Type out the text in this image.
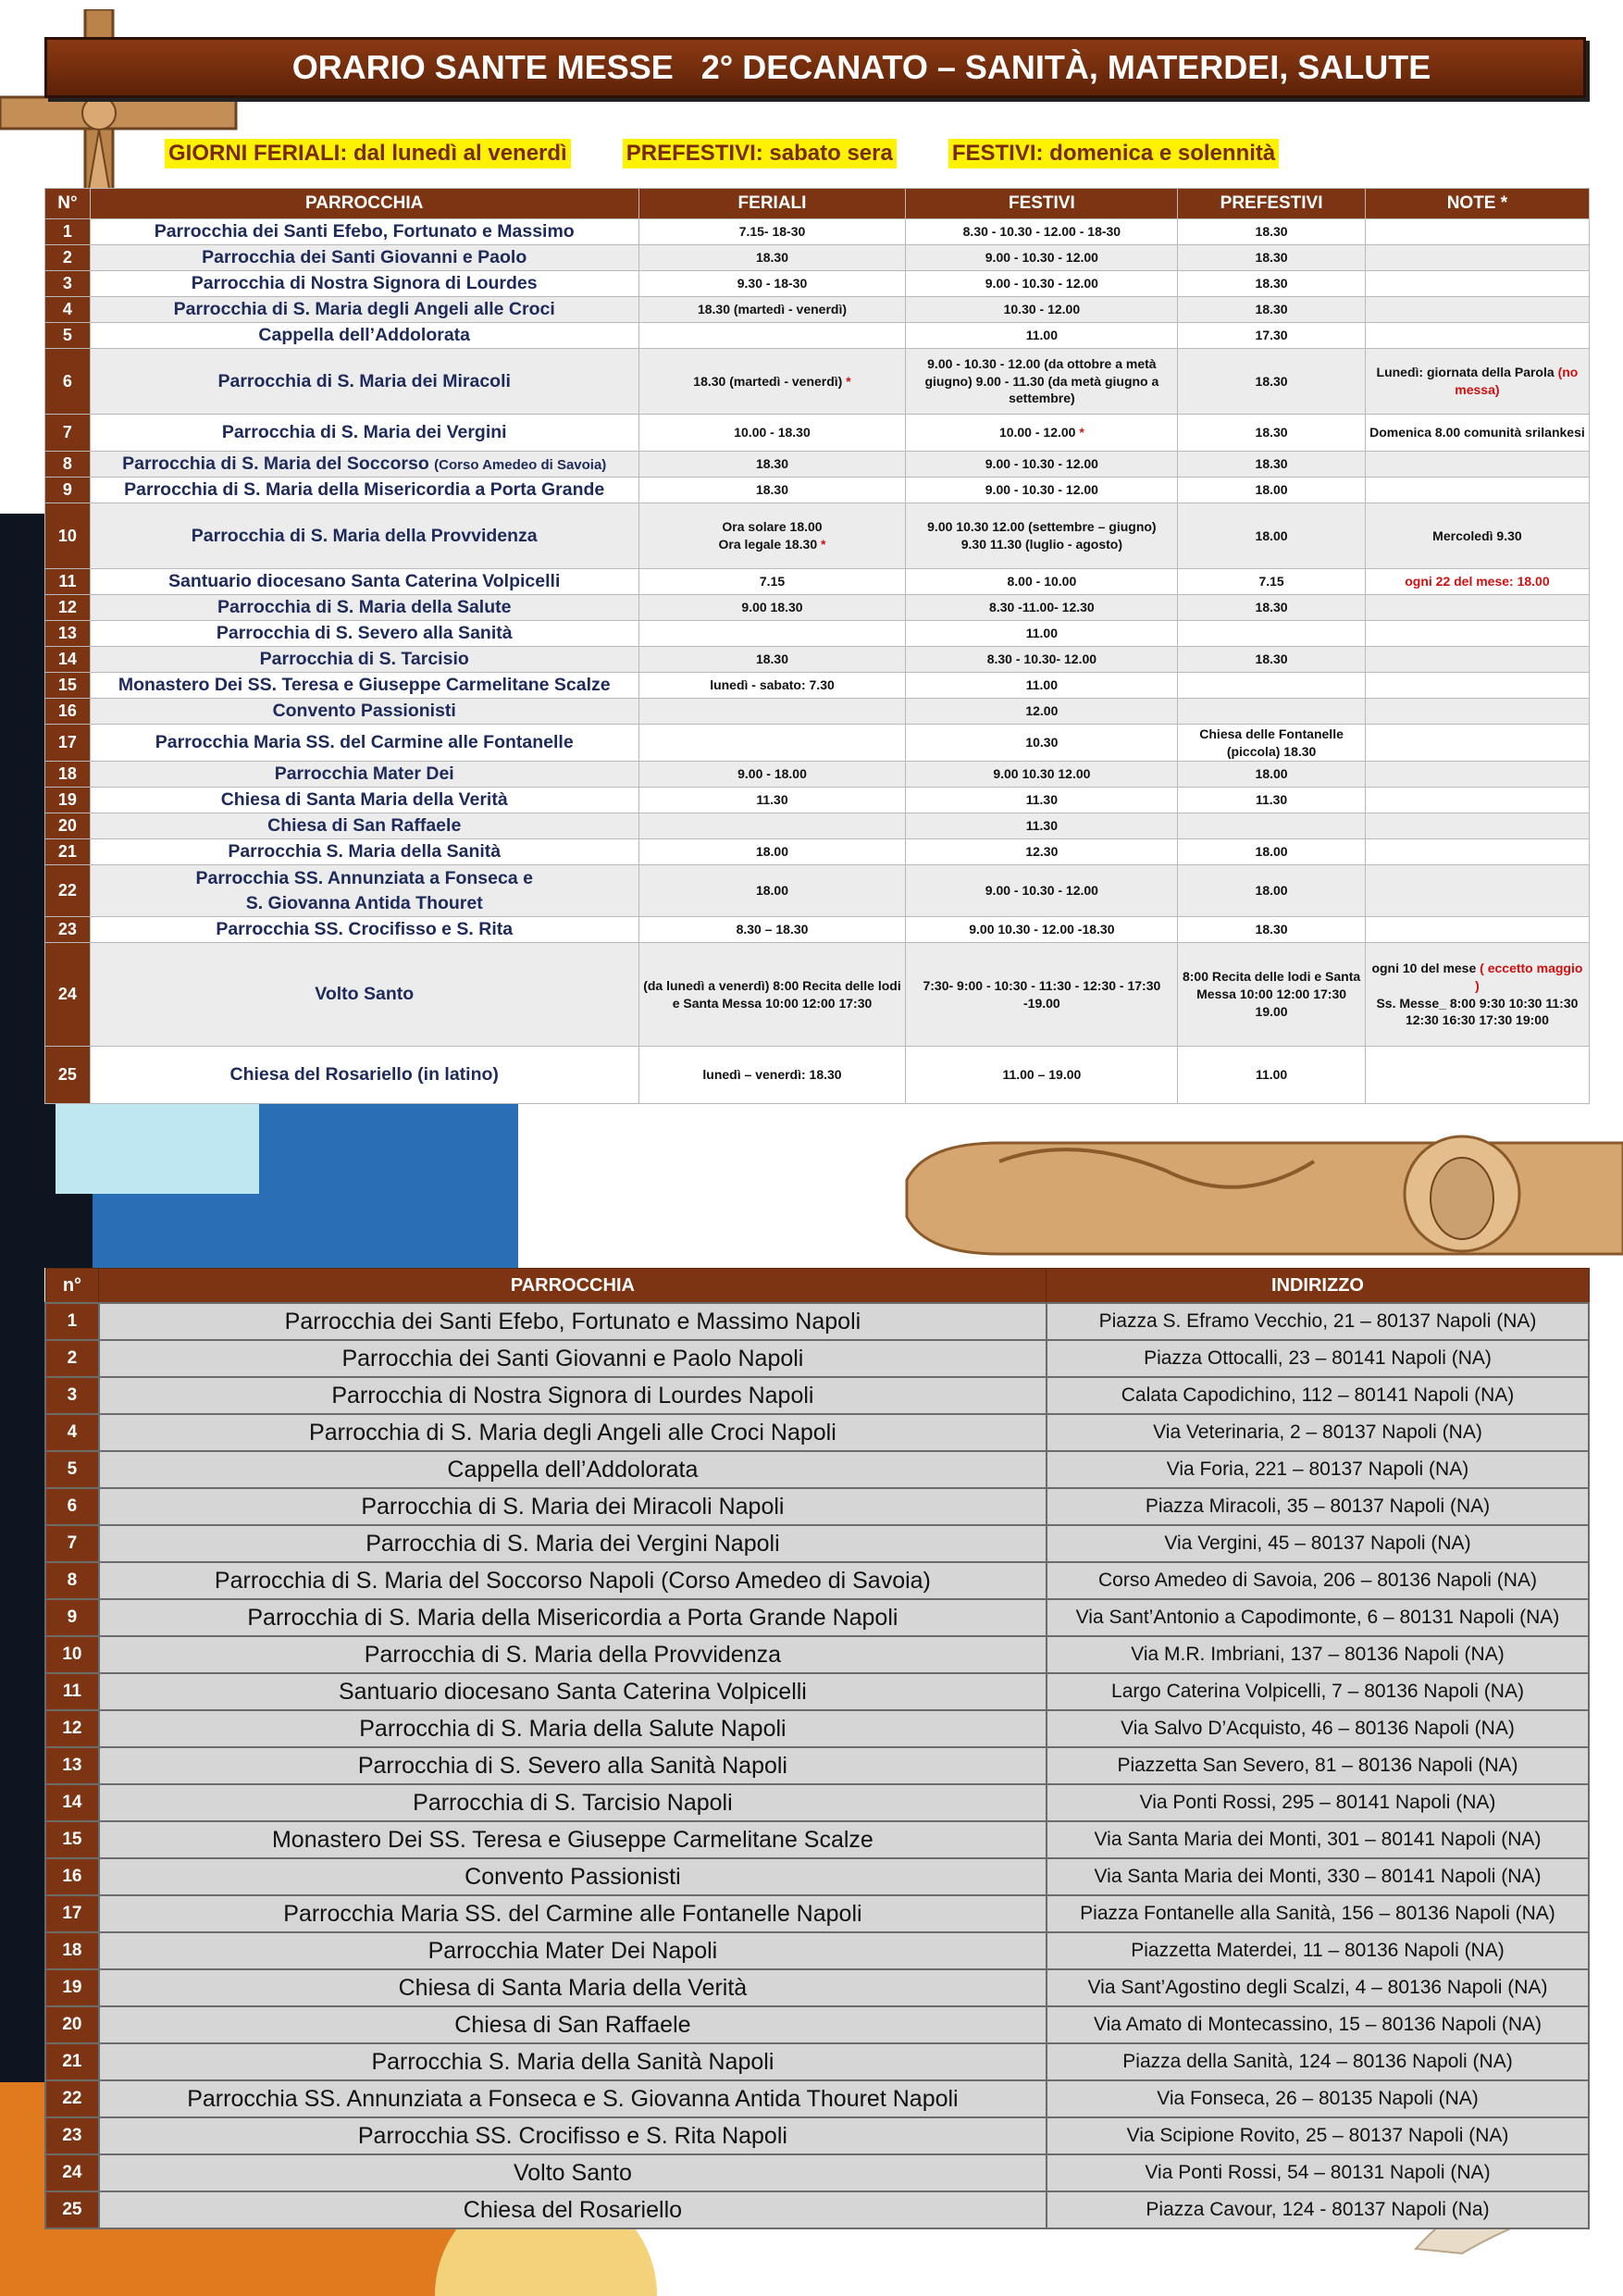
ORARIO SANTE MESSE   2° DECANATO – SANITÀ, MATERDEI, SALUTE
GIORNI FERIALI: dal lunedì al venerdì	PREFESTIVI: sabato sera	FESTIVI: domenica e solennità
N°	PARROCCHIA	FERIALI	FESTIVI	PREFESTIVI	NOTE *
1	Parrocchia dei Santi Efebo, Fortunato e Massimo	7.15- 18-30	8.30 - 10.30 - 12.00 - 18-30	18.30	
2	Parrocchia dei Santi Giovanni e Paolo	18.30	9.00 - 10.30 - 12.00	18.30	
3	Parrocchia di Nostra Signora di Lourdes	9.30 - 18-30	9.00 - 10.30 - 12.00	18.30	
4	Parrocchia di S. Maria degli Angeli alle Croci	18.30 (martedì - venerdì)	10.30 - 12.00	18.30	
5	Cappella dell’Addolorata		11.00	17.30	
6	Parrocchia di S. Maria dei Miracoli	18.30 (martedì - venerdì) *	9.00 - 10.30 - 12.00 (da ottobre a metà giugno) 9.00 - 11.30 (da metà giugno a settembre)	18.30	Lunedì: giornata della Parola (no messa)
7	Parrocchia di S. Maria dei Vergini	10.00 - 18.30	10.00 - 12.00 *	18.30	Domenica 8.00 comunità srilankesi
8	Parrocchia di S. Maria del Soccorso (Corso Amedeo di Savoia)	18.30	9.00 - 10.30 - 12.00	18.30	
9	Parrocchia di S. Maria della Misericordia a Porta Grande	18.30	9.00 - 10.30 - 12.00	18.00	
10	Parrocchia di S. Maria della Provvidenza	Ora solare 18.00
Ora legale 18.30 *	9.00 10.30 12.00 (settembre – giugno)
9.30 11.30 (luglio - agosto)	18.00	Mercoledì 9.30
11	Santuario diocesano Santa Caterina Volpicelli	7.15	8.00 - 10.00	7.15	ogni 22 del mese: 18.00
12	Parrocchia di S. Maria della Salute	9.00 18.30	8.30 -11.00- 12.30	18.30	
13	Parrocchia di S. Severo alla Sanità		11.00		
14	Parrocchia di S. Tarcisio	18.30	8.30 - 10.30- 12.00	18.30	
15	Monastero Dei SS. Teresa e Giuseppe Carmelitane Scalze	lunedì - sabato: 7.30	11.00		
16	Convento Passionisti		12.00		
17	Parrocchia Maria SS. del Carmine alle Fontanelle		10.30	Chiesa delle Fontanelle (piccola) 18.30	
18	Parrocchia Mater Dei	9.00 - 18.00	9.00 10.30 12.00	18.00	
19	Chiesa di Santa Maria della Verità	11.30	11.30	11.30	
20	Chiesa di San Raffaele		11.30		
21	Parrocchia S. Maria della Sanità	18.00	12.30	18.00	
22	Parrocchia SS. Annunziata a Fonseca e
S. Giovanna Antida Thouret	18.00	9.00 - 10.30 - 12.00	18.00	
23	Parrocchia SS. Crocifisso e S. Rita	8.30 – 18.30	9.00 10.30 - 12.00 -18.30	18.30	
24	Volto Santo	(da lunedì a venerdì) 8:00 Recita delle lodi e Santa Messa 10:00 12:00 17:30	7:30- 9:00 - 10:30 - 11:30 - 12:30 - 17:30 -19.00	8:00 Recita delle lodi e Santa Messa 10:00 12:00 17:30 19.00	ogni 10 del mese ( eccetto maggio )
Ss. Messe_ 8:00 9:30 10:30 11:30 12:30 16:30 17:30 19:00
25	Chiesa del Rosariello (in latino)	lunedì – venerdì: 18.30	11.00 – 19.00	11.00	
n°	PARROCCHIA	INDIRIZZO
1	Parrocchia dei Santi Efebo, Fortunato e Massimo Napoli	Piazza S. Eframo Vecchio, 21 – 80137 Napoli (NA)
2	Parrocchia dei Santi Giovanni e Paolo Napoli	Piazza Ottocalli, 23 – 80141 Napoli (NA)
3	Parrocchia di Nostra Signora di Lourdes Napoli	Calata Capodichino, 112 – 80141 Napoli (NA)
4	Parrocchia di S. Maria degli Angeli alle Croci Napoli	Via Veterinaria, 2 – 80137 Napoli (NA)
5	Cappella dell’Addolorata	Via Foria, 221 – 80137 Napoli (NA)
6	Parrocchia di S. Maria dei Miracoli Napoli	Piazza Miracoli, 35 – 80137 Napoli (NA)
7	Parrocchia di S. Maria dei Vergini Napoli	Via Vergini, 45 – 80137 Napoli (NA)
8	Parrocchia di S. Maria del Soccorso Napoli (Corso Amedeo di Savoia)	Corso Amedeo di Savoia, 206 – 80136 Napoli (NA)
9	Parrocchia di S. Maria della Misericordia a Porta Grande Napoli	Via Sant’Antonio a Capodimonte, 6 – 80131 Napoli (NA)
10	Parrocchia di S. Maria della Provvidenza	Via M.R. Imbriani, 137 – 80136 Napoli (NA)
11	Santuario diocesano Santa Caterina Volpicelli	Largo Caterina Volpicelli, 7 – 80136 Napoli (NA)
12	Parrocchia di S. Maria della Salute Napoli	Via Salvo D’Acquisto, 46 – 80136 Napoli (NA)
13	Parrocchia di S. Severo alla Sanità Napoli	Piazzetta San Severo, 81 – 80136 Napoli (NA)
14	Parrocchia di S. Tarcisio Napoli	Via Ponti Rossi, 295 – 80141 Napoli (NA)
15	Monastero Dei SS. Teresa e Giuseppe Carmelitane Scalze	Via Santa Maria dei Monti, 301 – 80141 Napoli (NA)
16	Convento Passionisti	Via Santa Maria dei Monti, 330 – 80141 Napoli (NA)
17	Parrocchia Maria SS. del Carmine alle Fontanelle Napoli	Piazza Fontanelle alla Sanità, 156 – 80136 Napoli (NA)
18	Parrocchia Mater Dei Napoli	Piazzetta Materdei, 11 – 80136 Napoli (NA)
19	Chiesa di Santa Maria della Verità	Via Sant’Agostino degli Scalzi, 4 – 80136 Napoli (NA)
20	Chiesa di San Raffaele	Via Amato di Montecassino, 15 – 80136 Napoli (NA)
21	Parrocchia S. Maria della Sanità Napoli	Piazza della Sanità, 124 – 80136 Napoli (NA)
22	Parrocchia SS. Annunziata a Fonseca e S. Giovanna Antida Thouret Napoli	Via Fonseca, 26 – 80135 Napoli (NA)
23	Parrocchia SS. Crocifisso e S. Rita Napoli	Via Scipione Rovito, 25 – 80137 Napoli (NA)
24	Volto Santo	Via Ponti Rossi, 54 – 80131 Napoli (NA)
25	Chiesa del Rosariello	Piazza Cavour, 124 - 80137 Napoli (Na)
